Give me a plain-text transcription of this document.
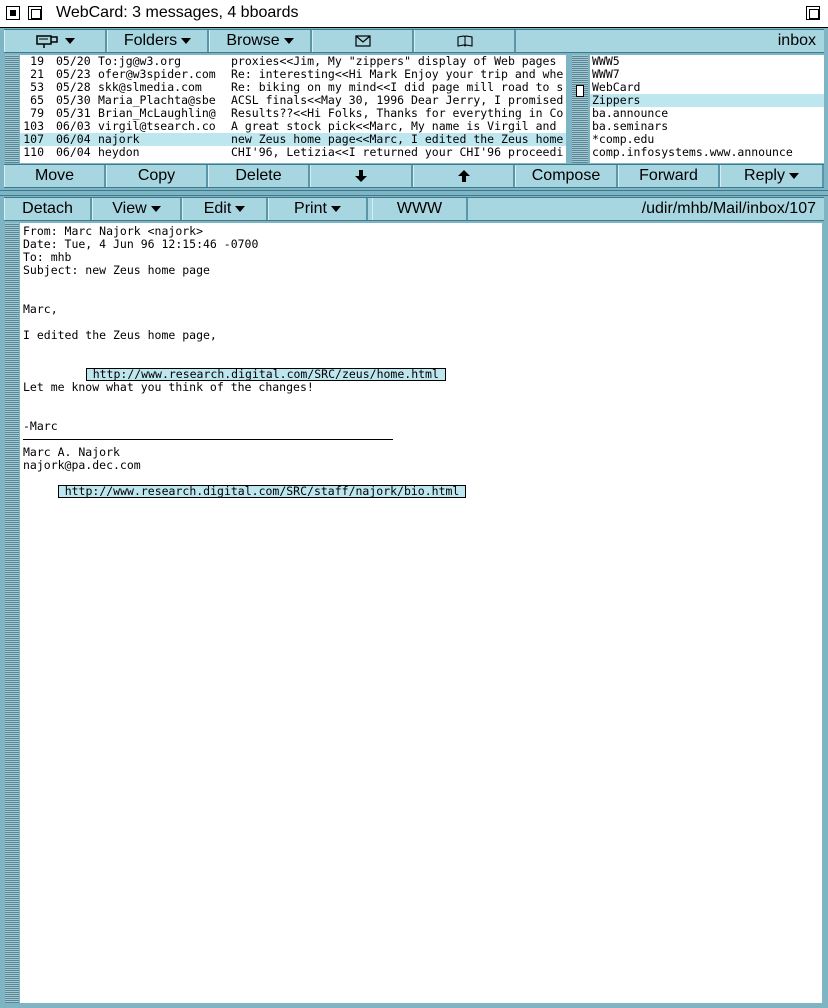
WebCard: 3 messages, 4 bboards
Folders	Browse	inbox
19 05/20 To:jg@w3.org	proxies<<Jim, My "zippers" display of Web pages
21 05/23 ofer@w3spider.com	Re: interesting<<Hi Mark Enjoy your trip and whe
53 05/28 skk@slmedia.com	Re: biking on my mind<<I did page mill road to s
65 05/30 Maria_Plachta@sbe	ACSL finals<<May 30, 1996 Dear Jerry, I promised
79 05/31 Brian_McLaughlin@	Results??<<Hi Folks, Thanks for everything in Co
103 06/03 virgil@tsearch.co	A great stock pick<<Marc, My name is Virgil and
107 06/04 najork	new Zeus home page<<Marc, I edited the Zeus home
110 06/04 heydon	CHI'96, Letizia<<I returned your CHI'96 proceedi
WWW5
WWW7
WebCard
Zippers
ba.announce
ba.seminars
*comp.edu
comp.infosystems.www.announce
Move	Copy	Delete	Compose Forward	Reply
Detach View	Edit	Print	WWW	/udir/mhb/Mail/inbox/107
From: Marc Najork <najork>
Date: Tue, 4 Jun 96 12:15:46 -0700
To: mhb
Subject: new Zeus home page
Marc,
I edited the Zeus home page,

http://www.research.digital.com/SRC/zeus/home.html

Let me know what you think of the changes!
-Marc
Marc A. Najork
najork@pa.dec.com

http://www.research.digital.com/SRC/staff/najork/bio.html
